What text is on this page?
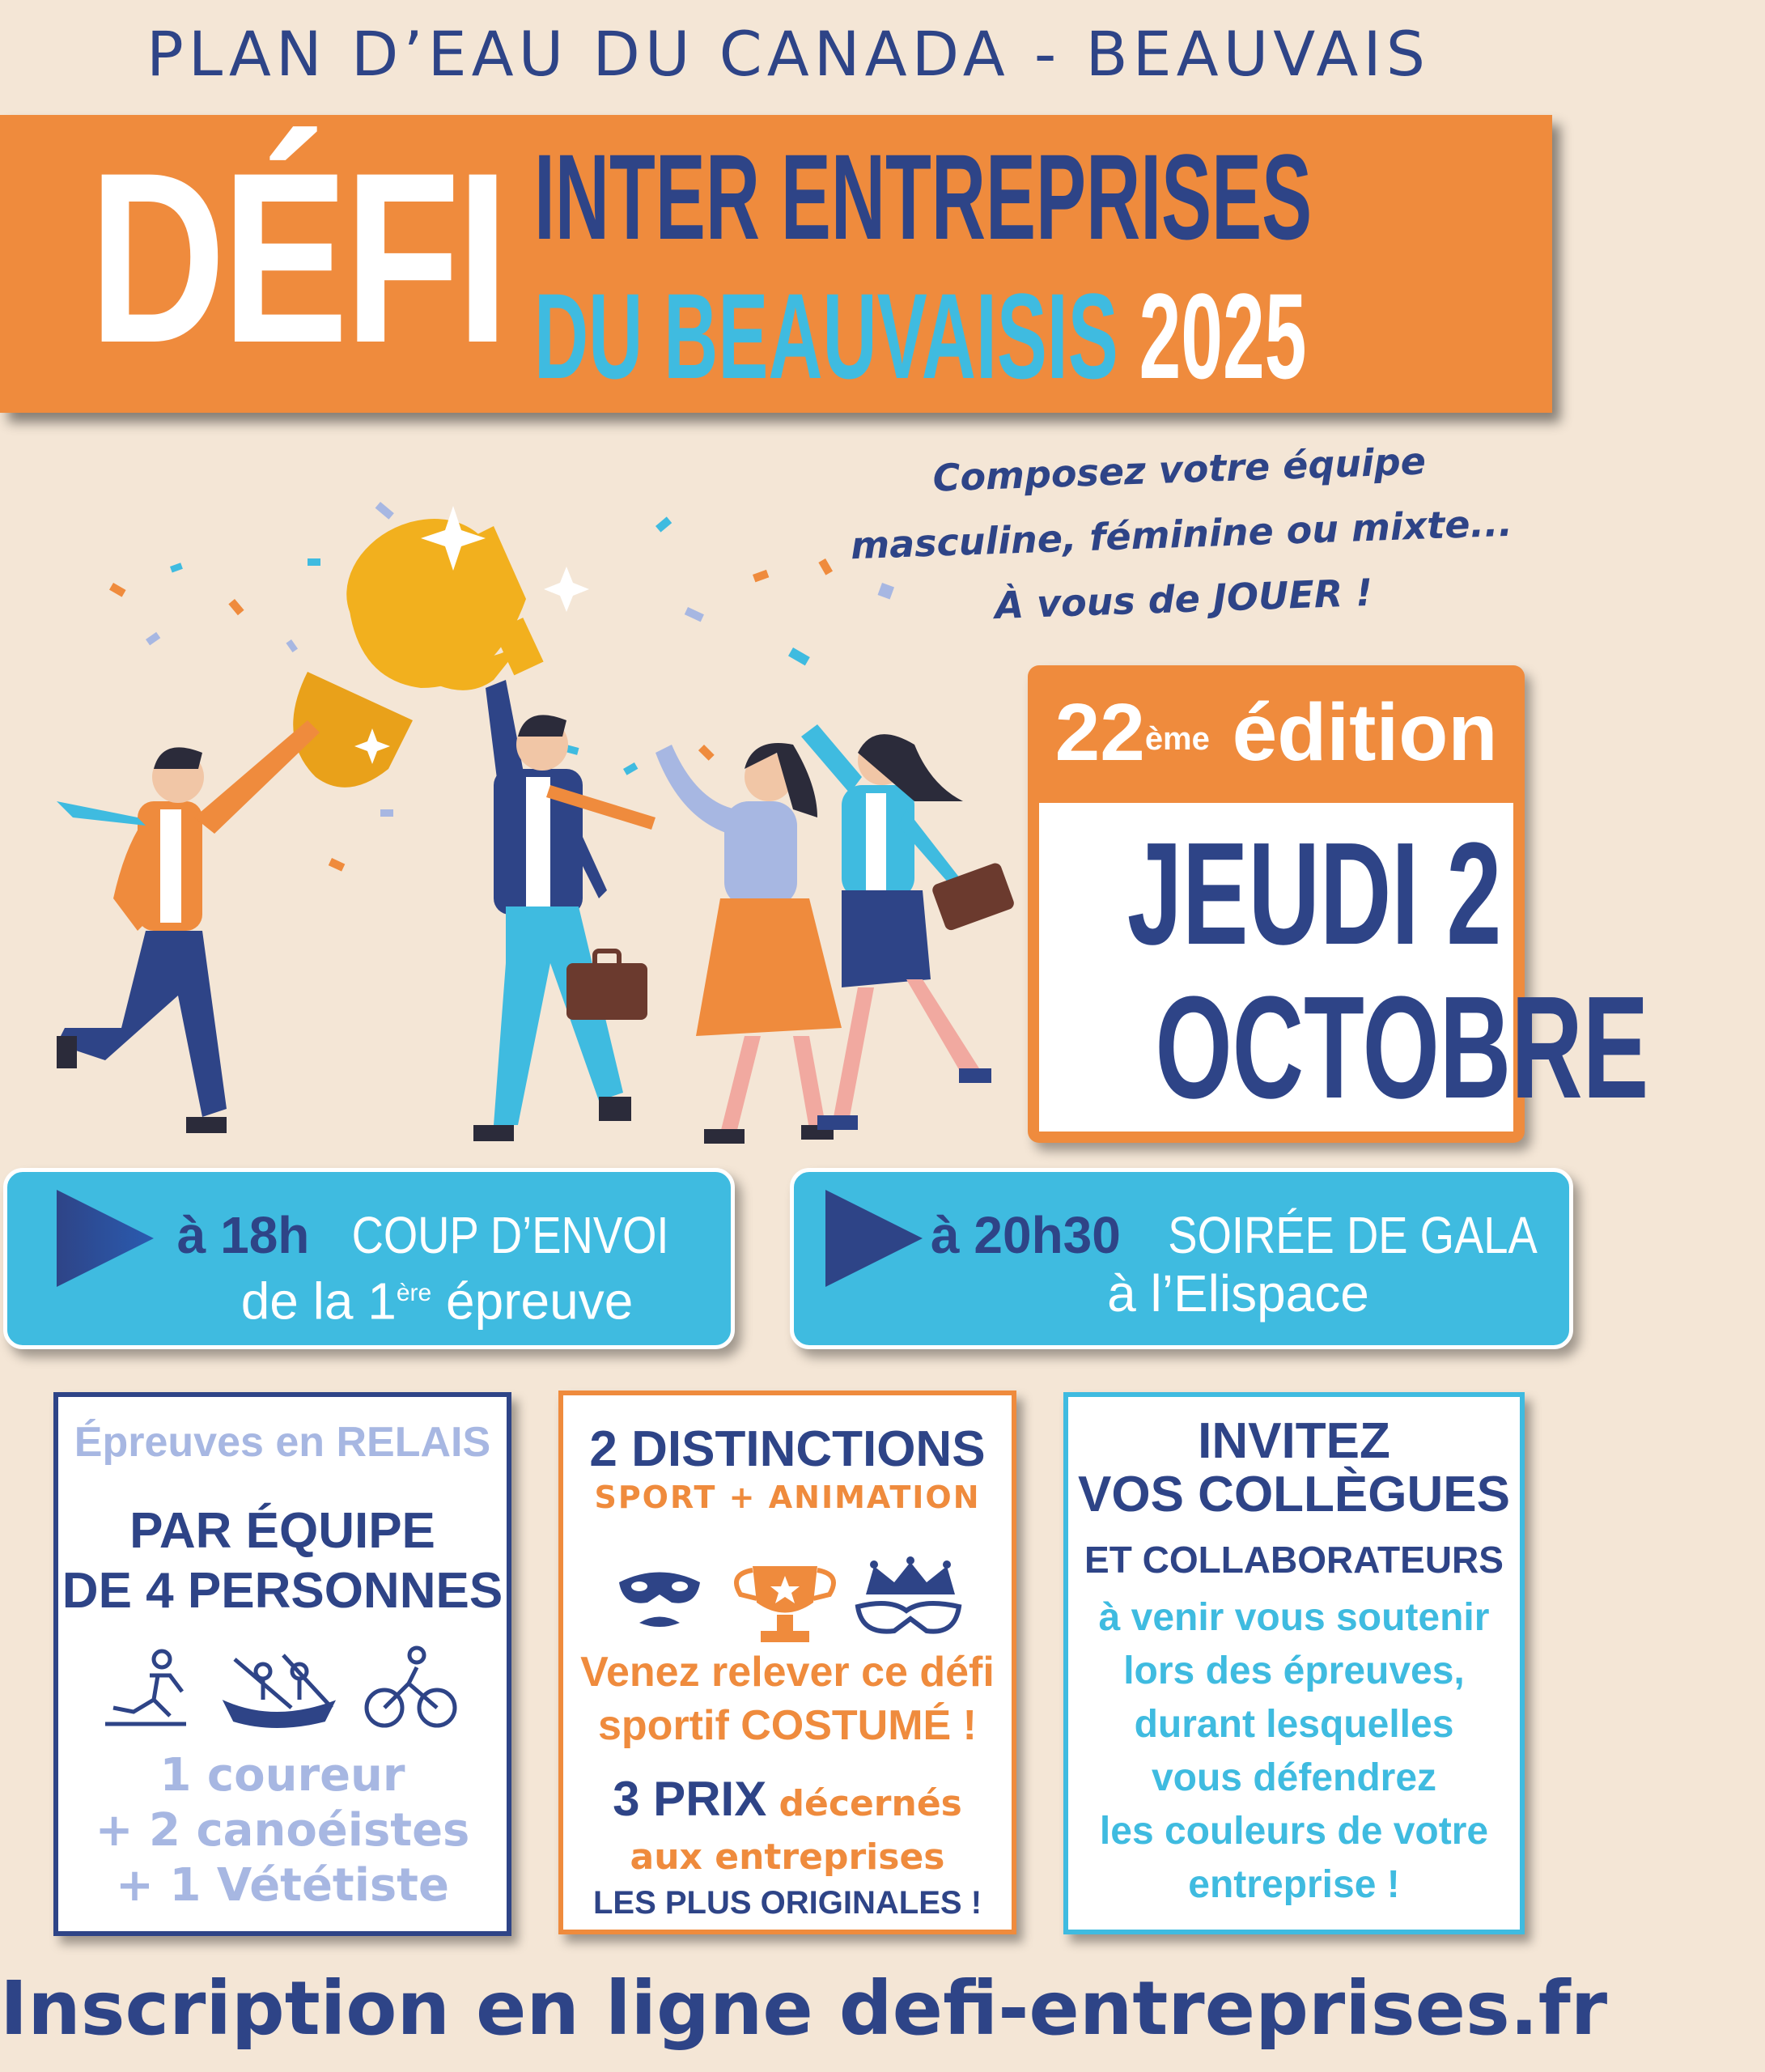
PLAN D’EAU DU CANADA - BEAUVAIS
DÉFI INTER ENTREPRISES
DU BEAUVAISIS 2025
Composez votre équipe
masculine, féminine ou mixte...
À vous de JOUER !
22ème édition
JEUDI 2
OCTOBRE
à 18h COUP D’ENVOI
de la 1ère épreuve
à 20h30 SOIRÉE DE GALA
à l’Elispace
Épreuves en RELAIS
PAR ÉQUIPE
DE 4 PERSONNES
1 coureur
+ 2 canoéistes
+ 1 Vététiste
2 DISTINCTIONS
SPORT + ANIMATION
Venez relever ce défi
sportif COSTUMÉ !
3 PRIX décernés
aux entreprises
LES PLUS ORIGINALES !
INVITEZ
VOS COLLÈGUES
ET COLLABORATEURS
à venir vous soutenir
lors des épreuves,
durant lesquelles
vous défendrez
les couleurs de votre
entreprise !
Inscription en ligne defi-entreprises.fr
